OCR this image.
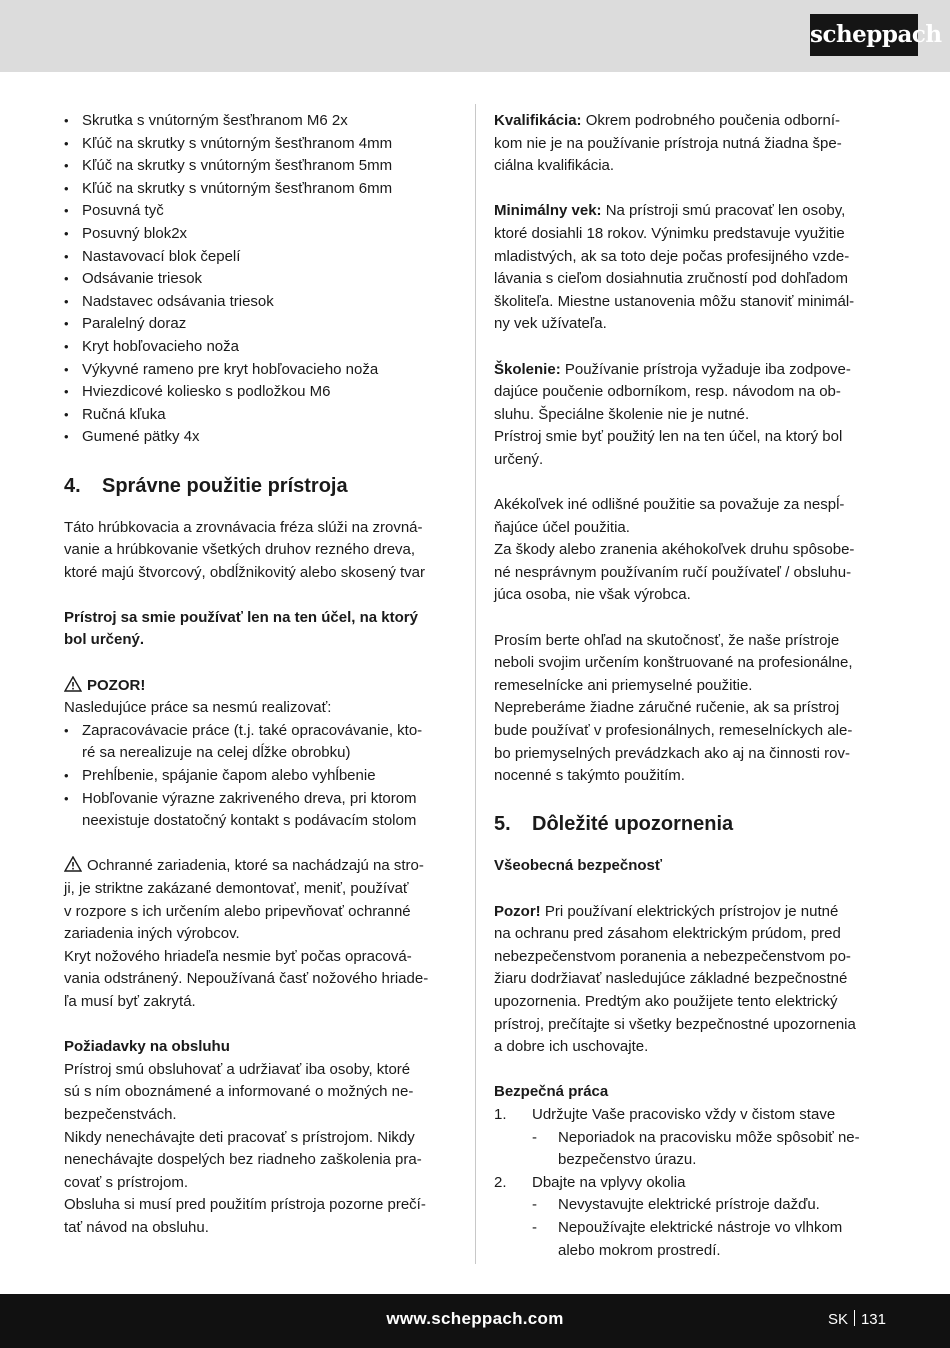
scheppach
• Skrutka s vnútorným šesťhranom M6 2x
• Kľúč na skrutky s vnútorným šesťhranom 4mm
• Kľúč na skrutky s vnútorným šesťhranom 5mm
• Kľúč na skrutky s vnútorným šesťhranom 6mm
• Posuvná tyč
• Posuvný blok2x
• Nastavovací blok čepelí
• Odsávanie triesok
• Nadstavec odsávania triesok
• Paralelný doraz
• Kryt hobľovacieho noža
• Výkyvné rameno pre kryt hobľovacieho noža
• Hviezdicové koliesko s podložkou M6
• Ručná kľuka
• Gumené pätky 4x
4. Správne použitie prístroja
Táto hrúbkovacia a zrovnávacia fréza slúži na zrovná-
vanie a hrúbkovanie všetkých druhov rezného dreva,
ktoré majú štvorcový, obdĺžnikovitý alebo skosený tvar
Prístroj sa smie používať len na ten účel, na ktorý
bol určený.
POZOR!
Nasledujúce práce sa nesmú realizovať:
• Zapracovávacie práce (t.j. také opracovávanie, kto-
ré sa nerealizuje na celej dĺžke obrobku)
• Prehĺbenie, spájanie čapom alebo vyhĺbenie
• Hobľovanie výrazne zakriveného dreva, pri ktorom
neexistuje dostatočný kontakt s podávacím stolom
Ochranné zariadenia, ktoré sa nachádzajú na stro-
ji, je striktne zakázané demontovať, meniť, používať
v rozpore s ich určením alebo pripevňovať ochranné
zariadenia iných výrobcov.
Kryt nožového hriadeľa nesmie byť počas opracová-
vania odstránený. Nepoužívaná časť nožového hriade-
ľa musí byť zakrytá.
Požiadavky na obsluhu
Prístroj smú obsluhovať a udržiavať iba osoby, ktoré
sú s ním oboznámené a informované o možných ne-
bezpečenstvách.
Nikdy nenechávajte deti pracovať s prístrojom. Nikdy
nenechávajte dospelých bez riadneho zaškolenia pra-
covať s prístrojom.
Obsluha si musí pred použitím prístroja pozorne prečí-
tať návod na obsluhu.
Kvalifikácia: Okrem podrobného poučenia odborní-
kom nie je na používanie prístroja nutná žiadna špe-
ciálna kvalifikácia.
Minimálny vek: Na prístroji smú pracovať len osoby,
ktoré dosiahli 18 rokov. Výnimku predstavuje využitie
mladistvých, ak sa toto deje počas profesijného vzde-
lávania s cieľom dosiahnutia zručností pod dohľadom
školiteľa. Miestne ustanovenia môžu stanoviť minimál-
ny vek užívateľa.
Školenie: Používanie prístroja vyžaduje iba zodpove-
dajúce poučenie odborníkom, resp. návodom na ob-
sluhu. Špeciálne školenie nie je nutné.
Prístroj smie byť použitý len na ten účel, na ktorý bol
určený.
Akékoľvek iné odlišné použitie sa považuje za nespĺ-
ňajúce účel použitia.
Za škody alebo zranenia akéhokoľvek druhu spôsobe-
né nesprávnym používaním ručí používateľ / obsluhu-
júca osoba, nie však výrobca.
Prosím berte ohľad na skutočnosť, že naše prístroje
neboli svojim určením konštruované na profesionálne,
remeselnícke ani priemyselné použitie.
Nepreberáme žiadne záručné ručenie, ak sa prístroj
bude používať v profesionálnych, remeselníckych ale-
bo priemyselných prevádzkach ako aj na činnosti rov-
nocenné s takýmto použitím.
5. Dôležité upozornenia
Všeobecná bezpečnosť
Pozor! Pri používaní elektrických prístrojov je nutné
na ochranu pred zásahom elektrickým prúdom, pred
nebezpečenstvom poranenia a nebezpečenstvom po-
žiaru dodržiavať nasledujúce základné bezpečnostné
upozornenia. Predtým ako použijete tento elektrický
prístroj, prečítajte si všetky bezpečnostné upozornenia
a dobre ich uschovajte.
Bezpečná práca
1. Udržujte Vaše pracovisko vždy v čistom stave
- Neporiadok na pracovisku môže spôsobiť ne-
bezpečenstvo úrazu.
2. Dbajte na vplyvy okolia
- Nevystavujte elektrické prístroje dažďu.
- Nepoužívajte elektrické nástroje vo vlhkom
alebo mokrom prostredí.
www.scheppach.com	SK 131
